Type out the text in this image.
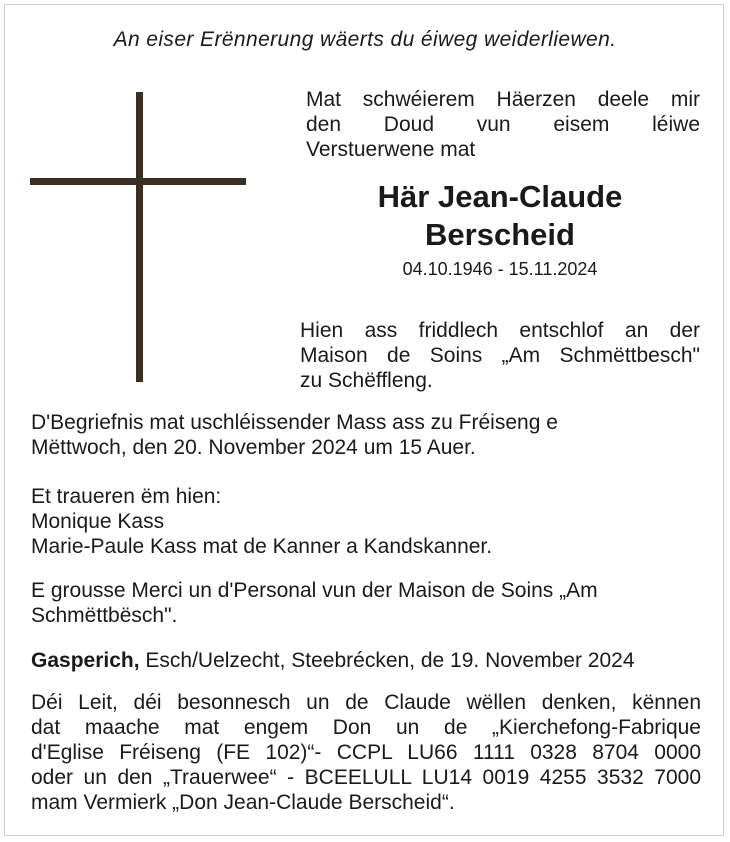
An eiser Erënnerung wäerts du éiweg weiderliewen.
Mat schwéierem Häerzen deele mir
den Doud vun eisem léiwe
Verstuerwene mat
Här Jean-Claude
Berscheid
04.10.1946 - 15.11.2024
Hien ass friddlech entschlof an der
Maison de Soins „Am Schmëttbesch"
zu Schëffleng.
D'Begriefnis mat uschléissender Mass ass zu Fréiseng e
Mëttwoch, den 20. November 2024 um 15 Auer.
Et traueren ëm hien:
Monique Kass
Marie-Paule Kass mat de Kanner a Kandskanner.
E grousse Merci un d'Personal vun der Maison de Soins „Am
Schmëttbësch".
Gasperich, Esch/Uelzecht, Steebrécken, de 19. November 2024
Déi Leit, déi besonnesch un de Claude wëllen denken, kënnen
dat maache mat engem Don un de „Kierchefong-Fabrique
d'Eglise Fréiseng (FE 102)“- CCPL LU66 1111 0328 8704 0000
oder un den „Trauerwee“ - BCEELULL LU14 0019 4255 3532 7000
mam Vermierk „Don Jean-Claude Berscheid“.
